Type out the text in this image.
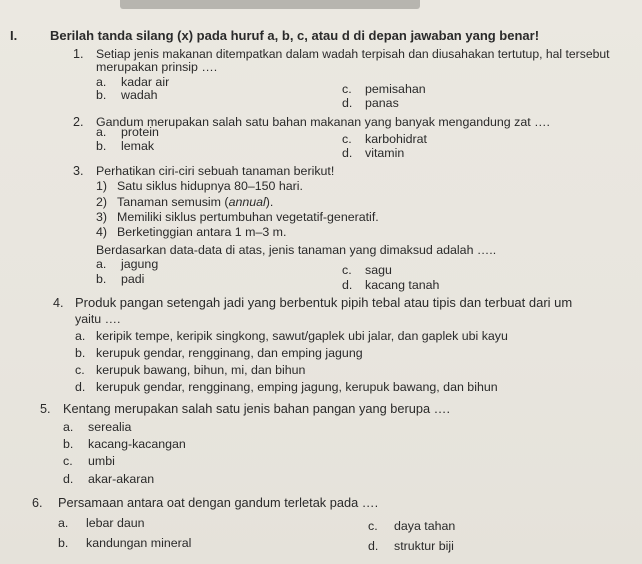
I.	Berilah tanda silang (x) pada huruf a, b, c, atau d di depan jawaban yang benar!
1. Setiap jenis makanan ditempatkan dalam wadah terpisah dan diusahakan tertutup, hal tersebut
merupakan prinsip ….
a. kadar air
b. wadah	c. pemisahan
d. panas
2. Gandum merupakan salah satu bahan makanan yang banyak mengandung zat ….
a. protein
b. lemak	c. karbohidrat
d. vitamin
3. Perhatikan ciri-ciri sebuah tanaman berikut!
1) Satu siklus hidupnya 80–150 hari.
2) Tanaman semusim (annual).
3) Memiliki siklus pertumbuhan vegetatif-generatif.
4) Berketinggian antara 1 m–3 m.
Berdasarkan data-data di atas, jenis tanaman yang dimaksud adalah …..
a. jagung
b. padi
c. sagu
d. kacang tanah
4. Produk pangan setengah jadi yang berbentuk pipih tebal atau tipis dan terbuat dari um
yaitu ….
a. keripik tempe, keripik singkong, sawut/gaplek ubi jalar, dan gaplek ubi kayu
b. kerupuk gendar, rengginang, dan emping jagung
c. kerupuk bawang, bihun, mi, dan bihun
d. kerupuk gendar, rengginang, emping jagung, kerupuk bawang, dan bihun
5. Kentang merupakan salah satu jenis bahan pangan yang berupa ….
a. serealia
b. kacang-kacangan
c. umbi
d. akar-akaran
6. Persamaan antara oat dengan gandum terletak pada ….
a. lebar daun
b. kandungan mineral
c. daya tahan
d. struktur biji
